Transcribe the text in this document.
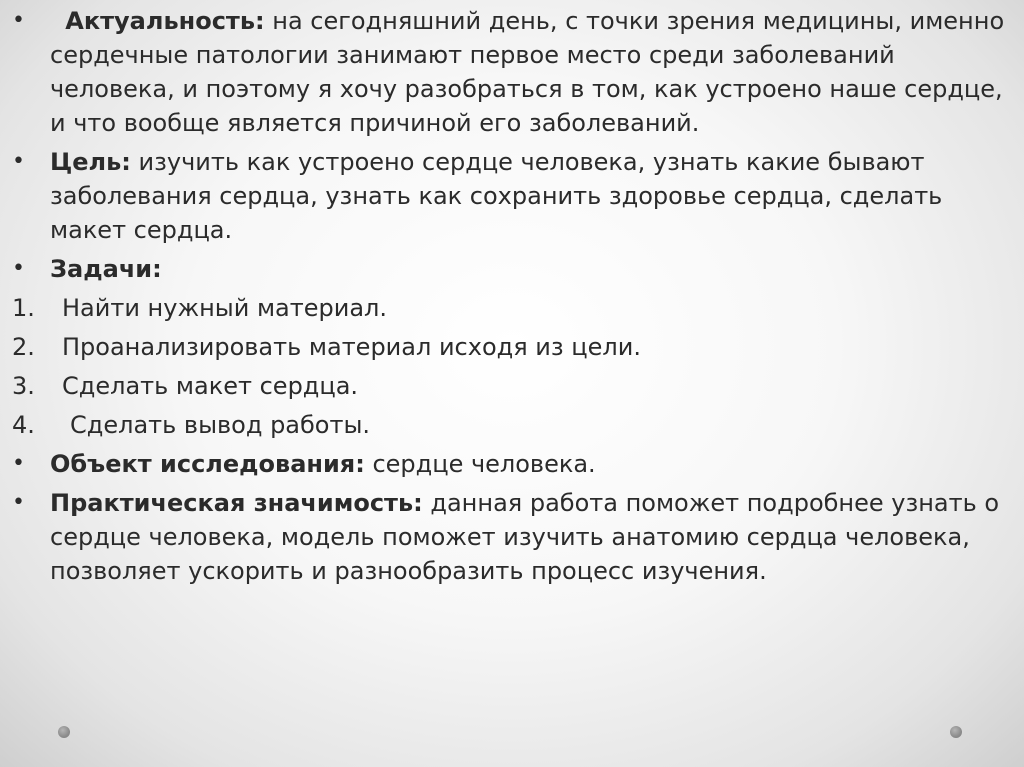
•	Актуальность: на сегодняшний день, с точки зрения медицины, именно сердечные патологии занимают первое место среди заболеваний человека, и поэтому я хочу разобраться в том, как устроено наше сердце, и что вообще является причиной его заболеваний.
•	Цель: изучить как устроено сердце человека, узнать какие бывают заболевания сердца, узнать как сохранить здоровье сердца, сделать макет сердца.
•	Задачи:
1.	Найти нужный материал.
2.	Проанализировать материал исходя из цели.
3.	Сделать макет сердца.
4.	Сделать вывод работы.
•	Объект исследования: сердце человека.
•	Практическая значимость: данная работа поможет подробнее узнать о сердце человека, модель поможет изучить анатомию сердца человека, позволяет ускорить и разнообразить процесс изучения.
